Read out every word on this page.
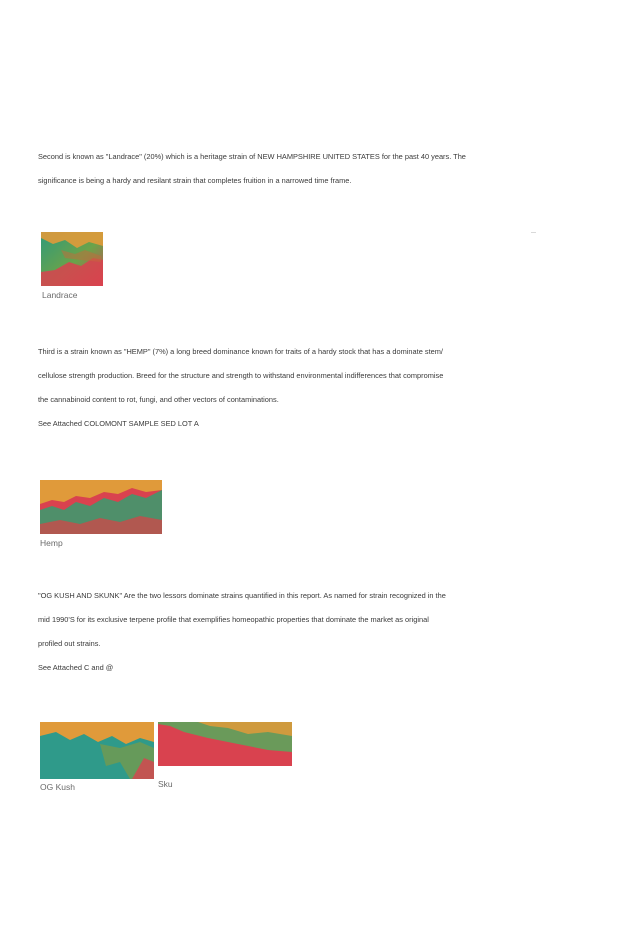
Second is known as "Landrace" (20%) which is a heritage strain of NEW HAMPSHIRE UNITED STATES for the past 40 years. The
significance is being a hardy and resilant strain that completes fruition in a narrowed time frame.

Landrace

Third is a strain known as "HEMP" (7%) a long breed dominance known for traits of a hardy stock that has a dominate stem/
cellulose strength production. Breed for the structure and strength to withstand environmental indifferences that compromise
the cannabinoid content to rot, fungi, and other vectors of contaminations.
See Attached COLOMONT SAMPLE SED LOT A

Hemp

"OG KUSH AND SKUNK" Are the two lessors dominate strains quantified in this report. As named for strain recognized in the
mid 1990'S for its exclusive terpene profile that exemplifies homeopathic properties that dominate the market as original
profiled out strains.
See Attached C and @

OG Kush	Sku
